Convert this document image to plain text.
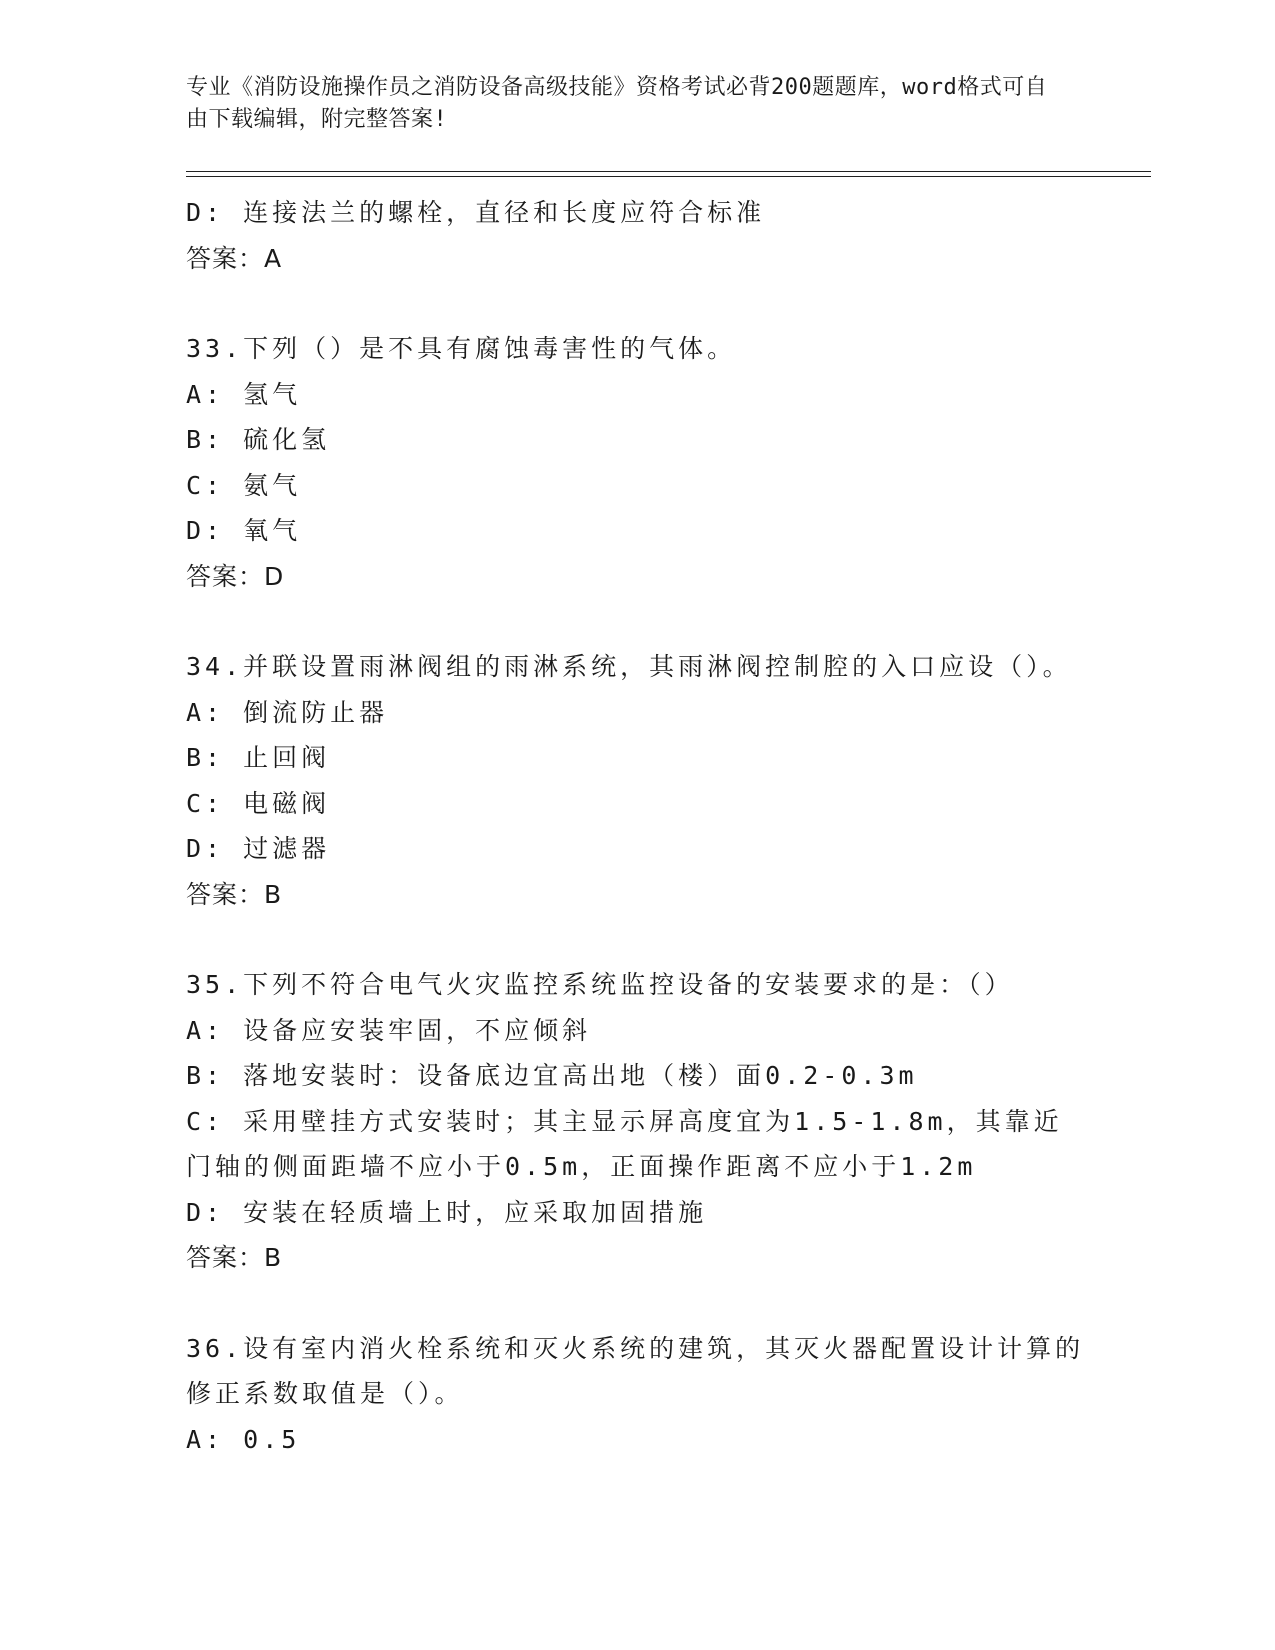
专业《消防设施操作员之消防设备高级技能》资格考试必背200题题库，word格式可自由下载编辑，附完整答案!
D: 连接法兰的螺栓，直径和长度应符合标准
答案：A
33.下列（）是不具有腐蚀毒害性的气体。
A: 氢气
B: 硫化氢
C: 氨气
D: 氧气
答案：D
34.并联设置雨淋阀组的雨淋系统，其雨淋阀控制腔的入口应设（）。
A: 倒流防止器
B: 止回阀
C: 电磁阀
D: 过滤器
答案：B
35.下列不符合电气火灾监控系统监控设备的安装要求的是：（）
A: 设备应安装牢固，不应倾斜
B: 落地安装时：设备底边宜高出地（楼）面0.2-0.3m
C: 采用壁挂方式安装时；其主显示屏高度宜为1.5-1.8m，其靠近门轴的侧面距墙不应小于0.5m，正面操作距离不应小于1.2m
D: 安装在轻质墙上时，应采取加固措施
答案：B
36.设有室内消火栓系统和灭火系统的建筑，其灭火器配置设计计算的修正系数取值是（）。
A: 0.5
